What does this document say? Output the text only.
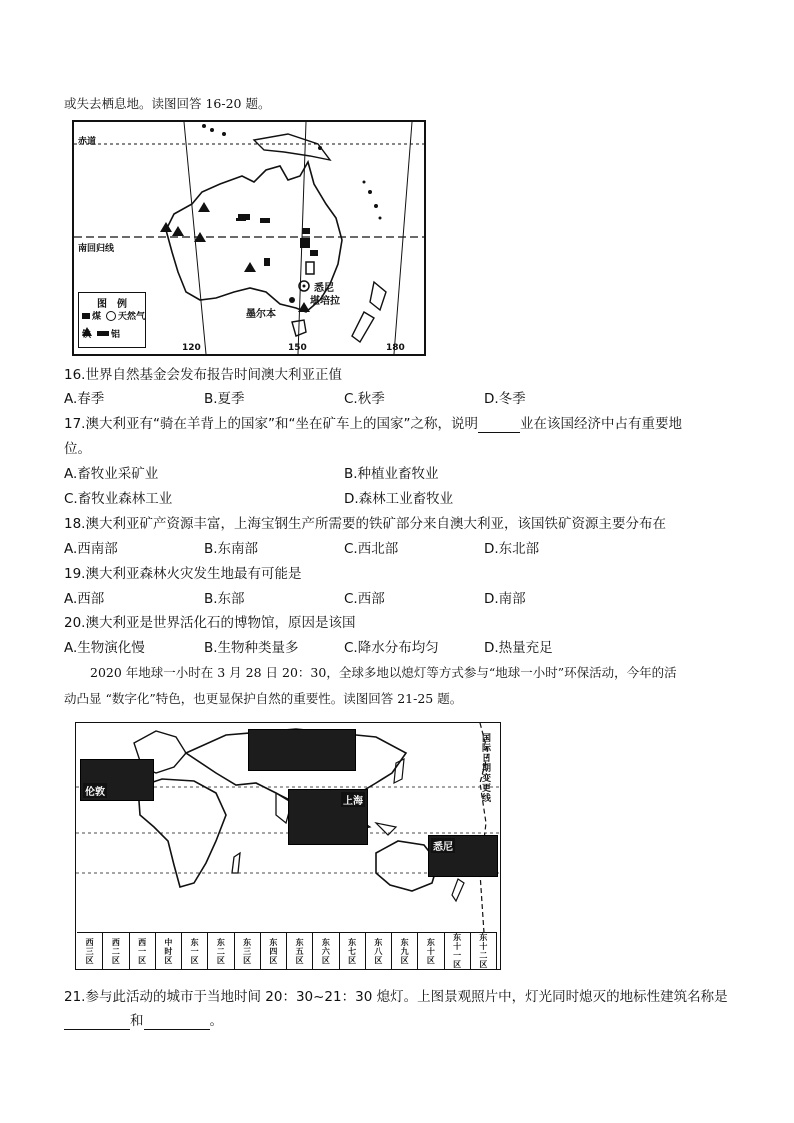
或失去栖息地。读图回答 16-20 题。
赤道
南回归线
120	150	180
悉尼
堪培拉
墨尔本
图　例
煤 天然气
铝
16.世界自然基金会发布报告时间澳大利亚正值
A.春季	B.夏季	C.秋季	D.冬季
17.澳大利亚有“骑在羊背上的国家”和“坐在矿车上的国家”之称，说明	业在该国经济中占有重要地
位。
A.畜牧业采矿业	B.种植业畜牧业
C.畜牧业森林工业	D.森林工业畜牧业
18.澳大利亚矿产资源丰富，上海宝钢生产所需要的铁矿部分来自澳大利亚，该国铁矿资源主要分布在
A.西南部	B.东南部	C.西北部	D.东北部
19.澳大利亚森林火灾发生地最有可能是
A.西部	B.东部	C.西部	D.南部
20.澳大利亚是世界活化石的博物馆，原因是该国
A.生物演化慢	B.生物种类量多	C.降水分布均匀	D.热量充足
2020 年地球一小时在 3 月 28 日 20：30，全球多地以熄灯等方式参与“地球一小时”环保活动，今年的活
动凸显 “数字化”特色，也更显保护自然的重要性。读图回答 21-25 题。
伦敦
上海
悉尼
国际日期变更线
西三区	西二区	西一区	中时区	东一区	东二区	东三区	东四区	东五区	东六区	东七区	东八区	东九区	东十区	东十一区	东十二区
21.参与此活动的城市于当地时间 20：30~21：30 熄灯。上图景观照片中，灯光同时熄灭的地标性建筑名称是
和	。
